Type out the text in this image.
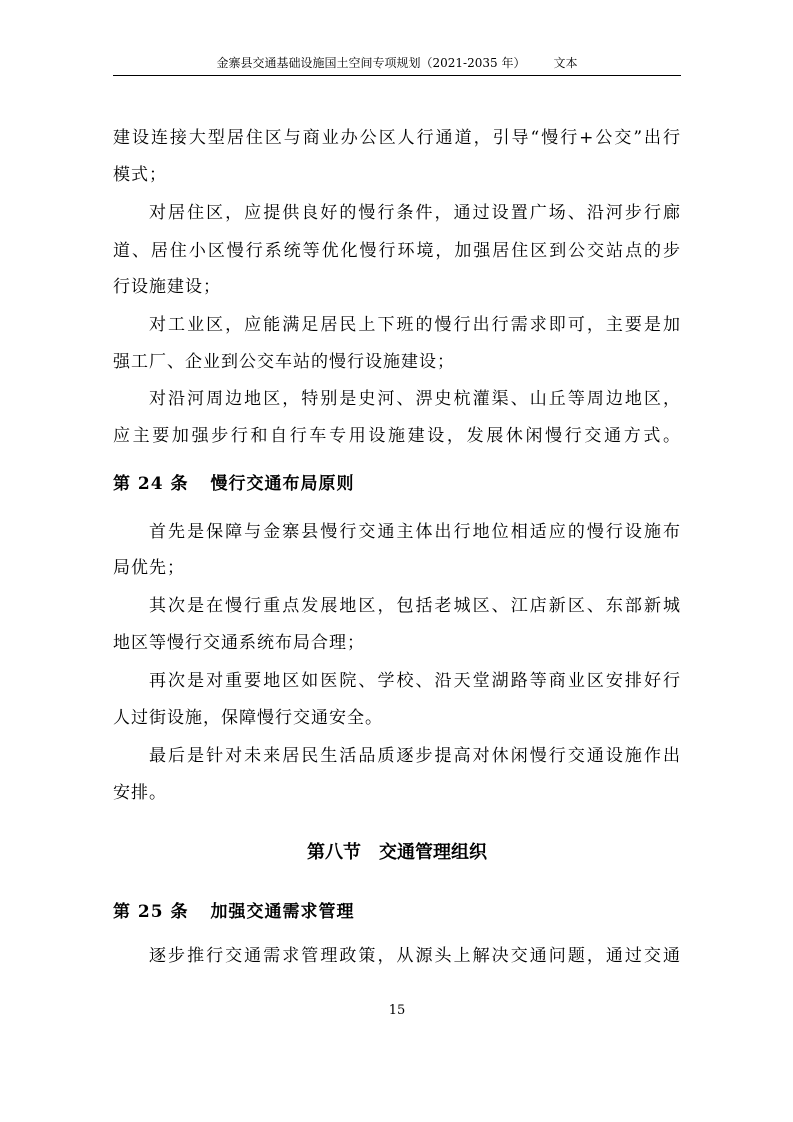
金寨县交通基础设施国土空间专项规划（2021-2035 年） 文本
建设连接大型居住区与商业办公区人行通道，引导“慢行+公交”出行
模式；
对居住区，应提供良好的慢行条件，通过设置广场、沿河步行廊
道、居住小区慢行系统等优化慢行环境，加强居住区到公交站点的步
行设施建设；
对工业区，应能满足居民上下班的慢行出行需求即可，主要是加
强工厂、企业到公交车站的慢行设施建设；
对沿河周边地区，特别是史河、淠史杭灌渠、山丘等周边地区，
应主要加强步行和自行车专用设施建设，发展休闲慢行交通方式。
第 24 条 慢行交通布局原则
首先是保障与金寨县慢行交通主体出行地位相适应的慢行设施布
局优先；
其次是在慢行重点发展地区，包括老城区、江店新区、东部新城
地区等慢行交通系统布局合理；
再次是对重要地区如医院、学校、沿天堂湖路等商业区安排好行
人过街设施，保障慢行交通安全。
最后是针对未来居民生活品质逐步提高对休闲慢行交通设施作出
安排。
第八节 交通管理组织
第 25 条 加强交通需求管理
逐步推行交通需求管理政策，从源头上解决交通问题，通过交通
15
